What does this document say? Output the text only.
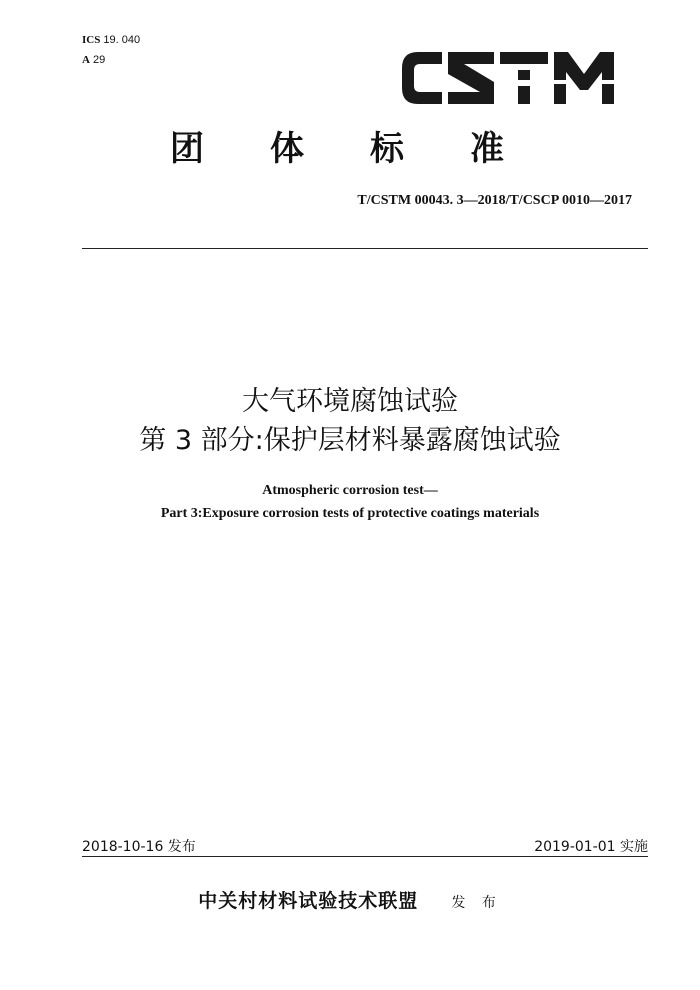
ICS 19. 040
A 29
CSTM
团体标准
T/CSTM 00043. 3—2018/T/CSCP 0010—2017
大气环境腐蚀试验
第 3 部分:保护层材料暴露腐蚀试验
Atmospheric corrosion test—
Part 3:Exposure corrosion tests of protective coatings materials
2018-10-16 发布	2019-01-01 实施
中关村材料试验技术联盟 发 布
